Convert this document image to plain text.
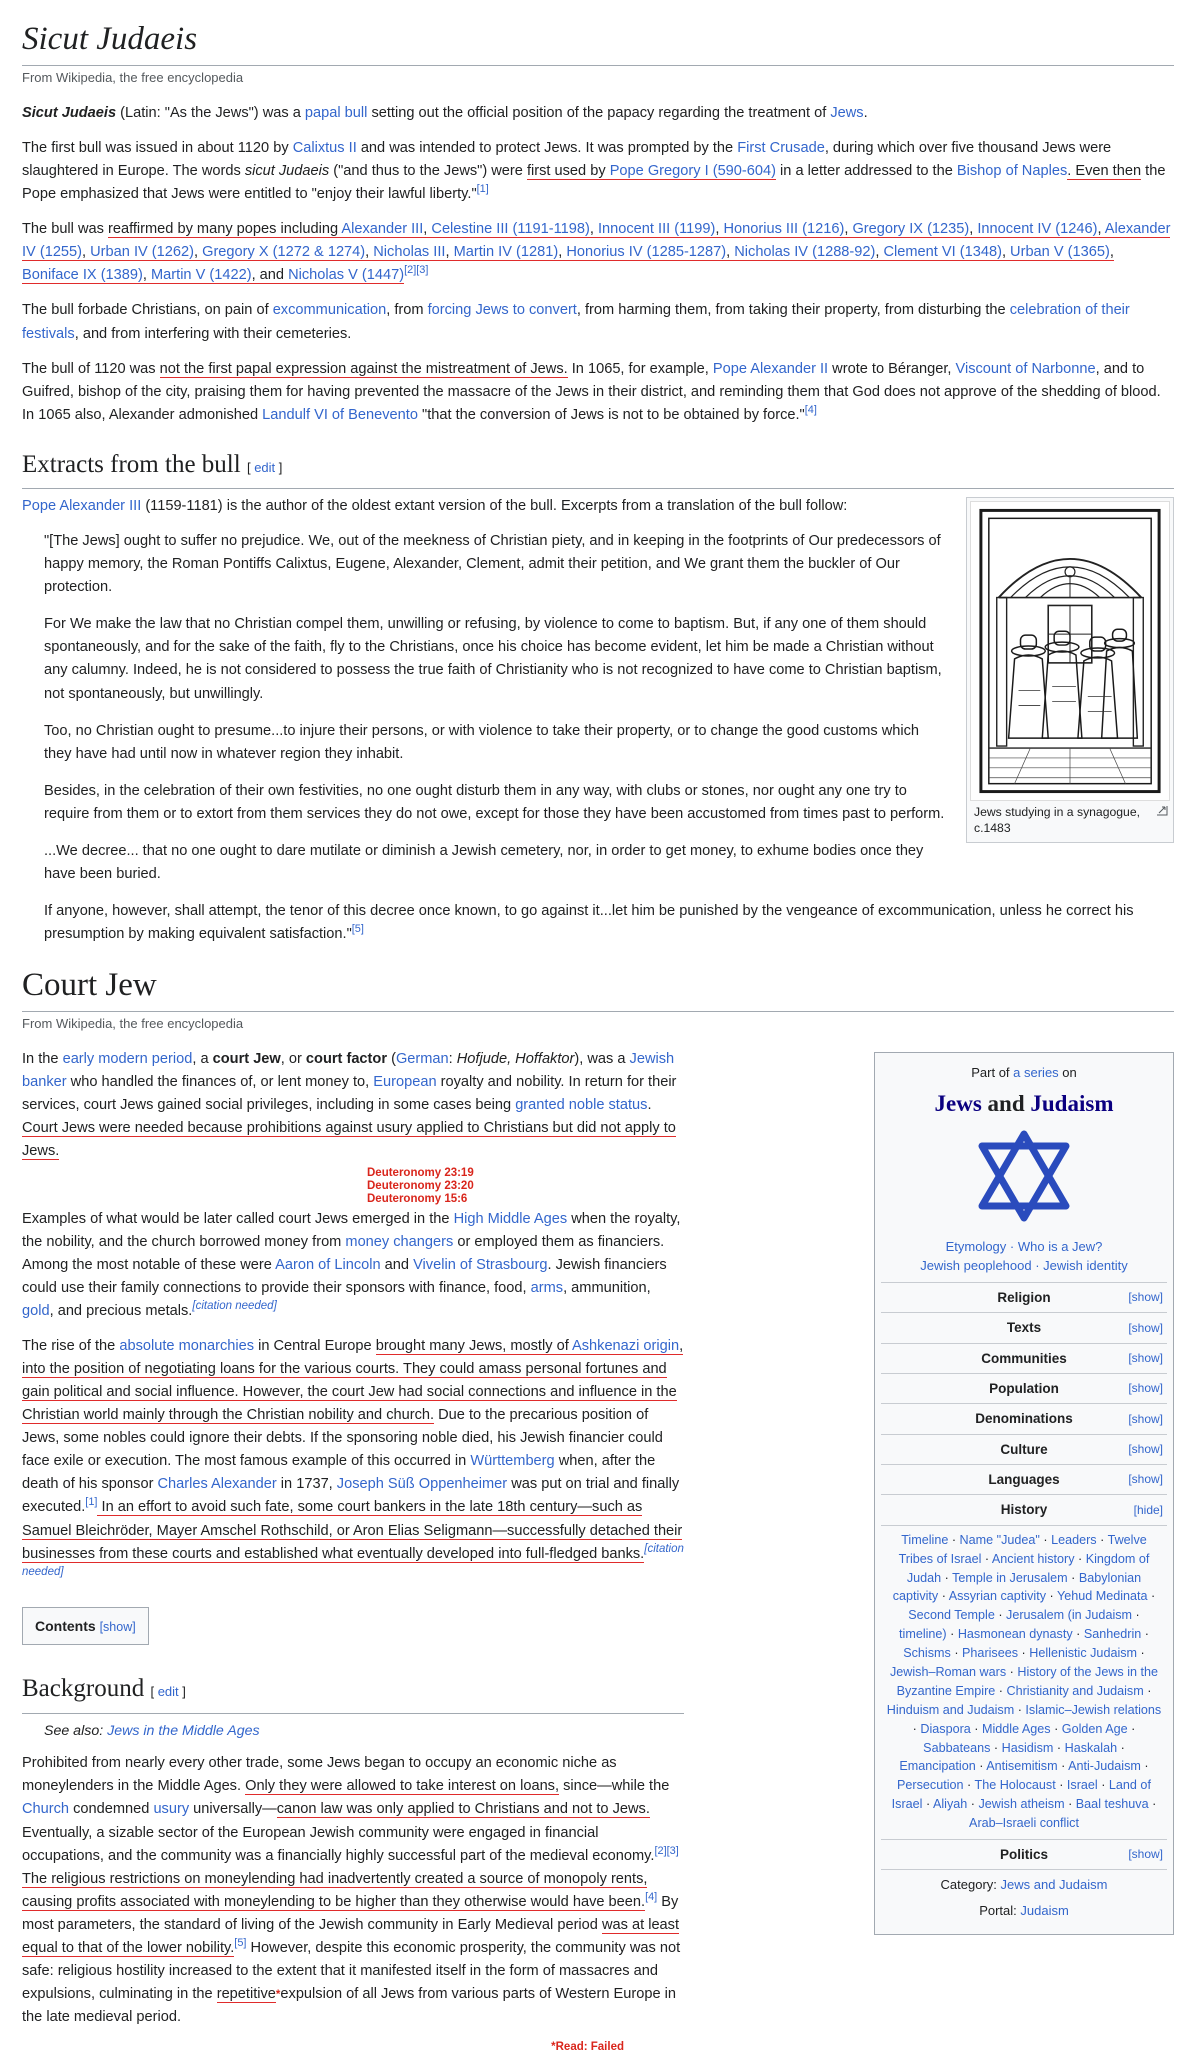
Sicut Judaeis
From Wikipedia, the free encyclopedia

Sicut Judaeis (Latin: "As the Jews") was a papal bull setting out the official position of the papacy regarding the treatment of Jews.

The first bull was issued in about 1120 by Calixtus II and was intended to protect Jews. It was prompted by the First Crusade, during which over five thousand Jews were slaughtered in Europe. The words sicut Judaeis ("and thus to the Jews") were first used by Pope Gregory I (590-604) in a letter addressed to the Bishop of Naples. Even then the Pope emphasized that Jews were entitled to "enjoy their lawful liberty."[1]

The bull was reaffirmed by many popes including Alexander III, Celestine III (1191-1198), Innocent III (1199), Honorius III (1216), Gregory IX (1235), Innocent IV (1246), Alexander IV (1255), Urban IV (1262), Gregory X (1272 & 1274), Nicholas III, Martin IV (1281), Honorius IV (1285-1287), Nicholas IV (1288-92), Clement VI (1348), Urban V (1365), Boniface IX (1389), Martin V (1422), and Nicholas V (1447)[2][3]

The bull forbade Christians, on pain of excommunication, from forcing Jews to convert, from harming them, from taking their property, from disturbing the celebration of their festivals, and from interfering with their cemeteries.

The bull of 1120 was not the first papal expression against the mistreatment of Jews. In 1065, for example, Pope Alexander II wrote to Béranger, Viscount of Narbonne, and to Guifred, bishop of the city, praising them for having prevented the massacre of the Jews in their district, and reminding them that God does not approve of the shedding of blood. In 1065 also, Alexander admonished Landulf VI of Benevento "that the conversion of Jews is not to be obtained by force."[4]

Extracts from the bull [ edit ]
Jews studying in a synagogue, c.1483

Pope Alexander III (1159-1181) is the author of the oldest extant version of the bull. Excerpts from a translation of the bull follow:

"[The Jews] ought to suffer no prejudice. We, out of the meekness of Christian piety, and in keeping in the footprints of Our predecessors of happy memory, the Roman Pontiffs Calixtus, Eugene, Alexander, Clement, admit their petition, and We grant them the buckler of Our protection.

For We make the law that no Christian compel them, unwilling or refusing, by violence to come to baptism. But, if any one of them should spontaneously, and for the sake of the faith, fly to the Christians, once his choice has become evident, let him be made a Christian without any calumny. Indeed, he is not considered to possess the true faith of Christianity who is not recognized to have come to Christian baptism, not spontaneously, but unwillingly.

Too, no Christian ought to presume...to injure their persons, or with violence to take their property, or to change the good customs which they have had until now in whatever region they inhabit.

Besides, in the celebration of their own festivities, no one ought disturb them in any way, with clubs or stones, nor ought any one try to require from them or to extort from them services they do not owe, except for those they have been accustomed from times past to perform.

...We decree... that no one ought to dare mutilate or diminish a Jewish cemetery, nor, in order to get money, to exhume bodies once they have been buried.

If anyone, however, shall attempt, the tenor of this decree once known, to go against it...let him be punished by the vengeance of excommunication, unless he correct his presumption by making equivalent satisfaction."[5]

Court Jew
From Wikipedia, the free encyclopedia
Part of a series on
Jews and Judaism
Etymology · Who is a Jew?
Jewish peoplehood · Jewish identity
Religion	[show]
Texts	[show]
Communities	[show]
Population	[show]
Denominations	[show]
Culture	[show]
Languages	[show]
History	[hide]
Timeline · Name "Judea" · Leaders · Twelve Tribes of Israel · Ancient history · Kingdom of Judah · Temple in Jerusalem · Babylonian captivity · Assyrian captivity · Yehud Medinata · Second Temple · Jerusalem (in Judaism · timeline) · Hasmonean dynasty · Sanhedrin · Schisms · Pharisees · Hellenistic Judaism · Jewish–Roman wars · History of the Jews in the Byzantine Empire · Christianity and Judaism · Hinduism and Judaism · Islamic–Jewish relations · Diaspora · Middle Ages · Golden Age · Sabbateans · Hasidism · Haskalah · Emancipation · Antisemitism · Anti-Judaism · Persecution · The Holocaust · Israel · Land of Israel · Aliyah · Jewish atheism · Baal teshuva · Arab–Israeli conflict
Politics	[show]
Category: Jews and Judaism
Portal: Judaism

In the early modern period, a court Jew, or court factor (German: Hofjude, Hoffaktor), was a Jewish banker who handled the finances of, or lent money to, European royalty and nobility. In return for their services, court Jews gained social privileges, including in some cases being granted noble status. Court Jews were needed because prohibitions against usury applied to Christians but did not apply to Jews.

Deuteronomy 23:19
Deuteronomy 23:20
Deuteronomy 15:6

Examples of what would be later called court Jews emerged in the High Middle Ages when the royalty, the nobility, and the church borrowed money from money changers or employed them as financiers. Among the most notable of these were Aaron of Lincoln and Vivelin of Strasbourg. Jewish financiers could use their family connections to provide their sponsors with finance, food, arms, ammunition, gold, and precious metals.[citation needed]

The rise of the absolute monarchies in Central Europe brought many Jews, mostly of Ashkenazi origin, into the position of negotiating loans for the various courts. They could amass personal fortunes and gain political and social influence. However, the court Jew had social connections and influence in the Christian world mainly through the Christian nobility and church. Due to the precarious position of Jews, some nobles could ignore their debts. If the sponsoring noble died, his Jewish financier could face exile or execution. The most famous example of this occurred in Württemberg when, after the death of his sponsor Charles Alexander in 1737, Joseph Süß Oppenheimer was put on trial and finally executed.[1] In an effort to avoid such fate, some court bankers in the late 18th century—such as Samuel Bleichröder, Mayer Amschel Rothschild, or Aron Elias Seligmann—successfully detached their businesses from these courts and established what eventually developed into full-fledged banks.[citation needed]

Contents [show]
Background [ edit ]
See also: Jews in the Middle Ages

Prohibited from nearly every other trade, some Jews began to occupy an economic niche as moneylenders in the Middle Ages. Only they were allowed to take interest on loans, since—while the Church condemned usury universally—canon law was only applied to Christians and not to Jews. Eventually, a sizable sector of the European Jewish community were engaged in financial occupations, and the community was a financially highly successful part of the medieval economy.[2][3] The religious restrictions on moneylending had inadvertently created a source of monopoly rents, causing profits associated with moneylending to be higher than they otherwise would have been.[4] By most parameters, the standard of living of the Jewish community in Early Medieval period was at least equal to that of the lower nobility.[5] However, despite this economic prosperity, the community was not safe: religious hostility increased to the extent that it manifested itself in the form of massacres and expulsions, culminating in the repetitive*expulsion of all Jews from various parts of Western Europe in the late medieval period.

*Read: Failed
